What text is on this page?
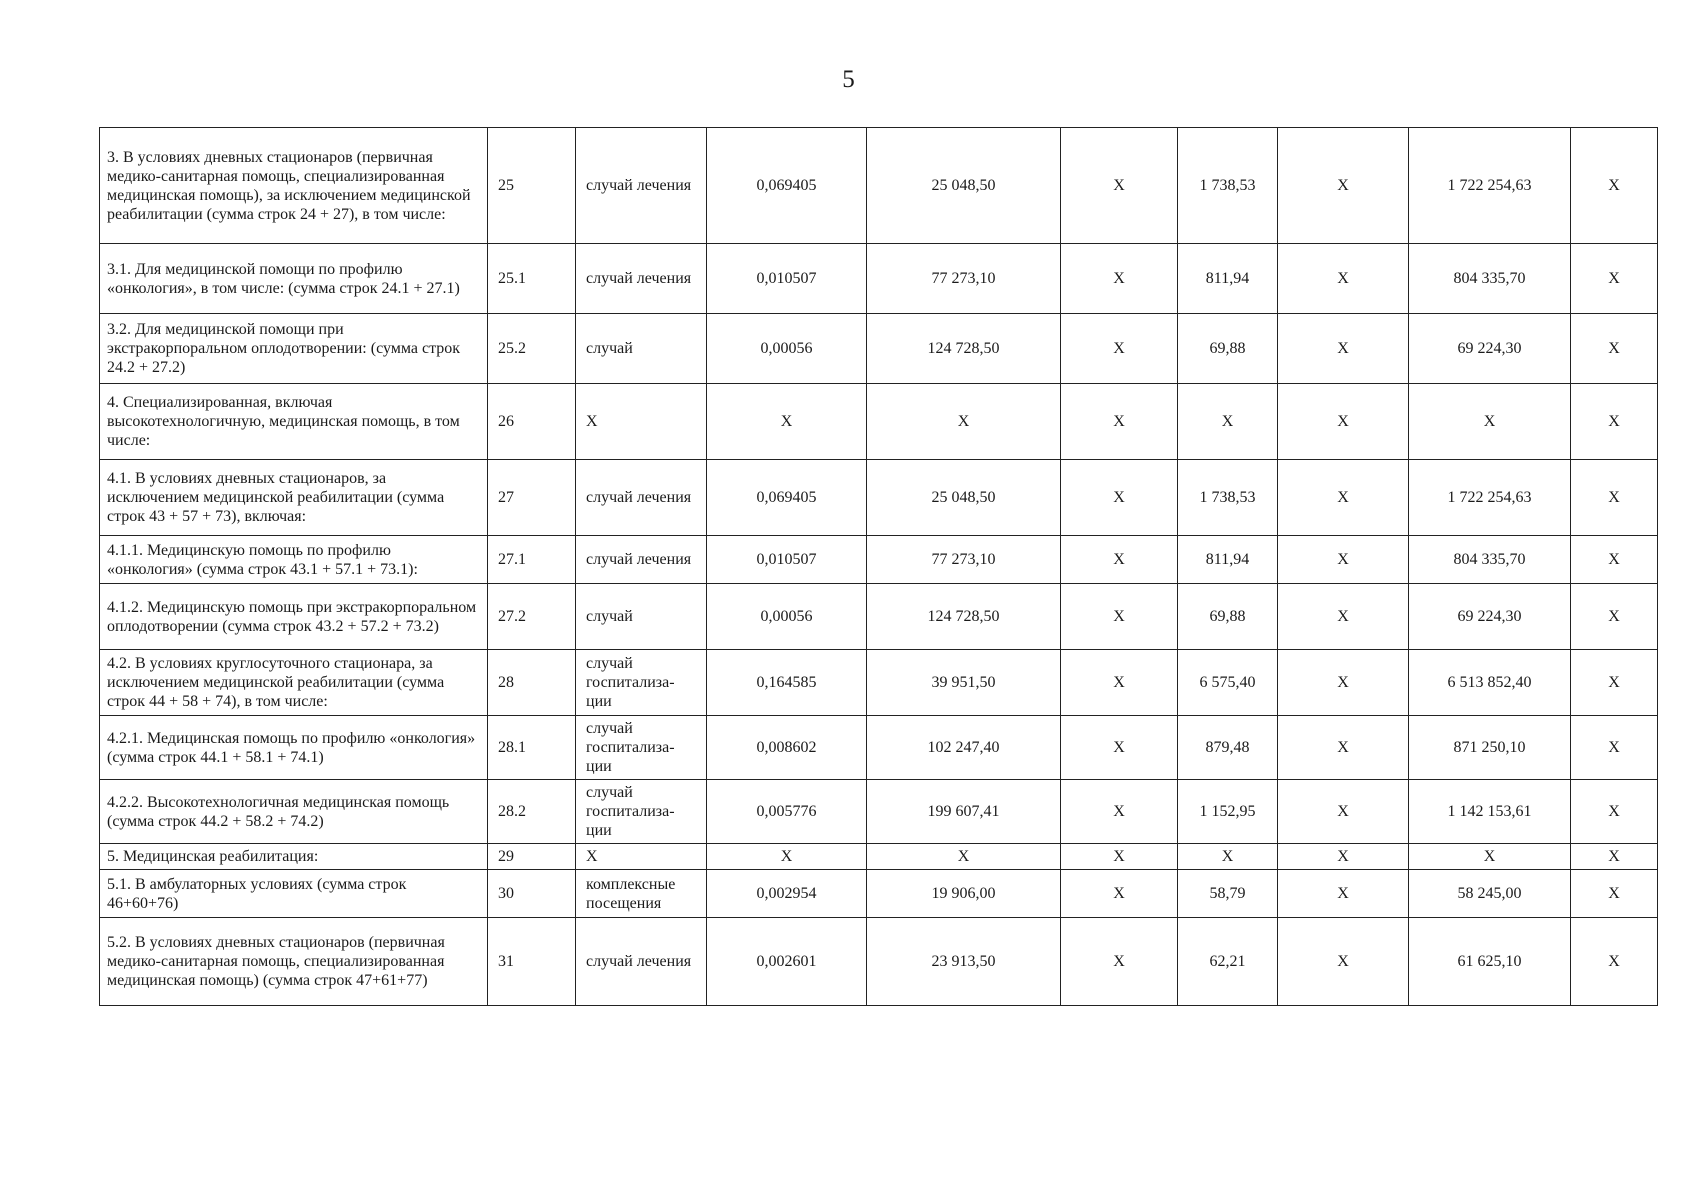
5
3. В условиях дневных стационаров (первичная медико-санитарная помощь, специализированная медицинская помощь), за исключением медицинской реабилитации (сумма строк 24 + 27), в том числе:	25	случай лечения	0,069405	25 048,50	X	1 738,53	X	1 722 254,63	X
3.1. Для медицинской помощи по профилю «онкология», в том числе: (сумма строк 24.1 + 27.1)	25.1	случай лечения	0,010507	77 273,10	X	811,94	X	804 335,70	X
3.2. Для медицинской помощи при экстракорпоральном оплодотворении: (сумма строк 24.2 + 27.2)	25.2	случай	0,00056	124 728,50	X	69,88	X	69 224,30	X
4. Специализированная, включая высокотехнологичную, медицинская помощь, в том числе:	26	X	X	X	X	X	X	X	X
4.1. В условиях дневных стационаров, за исключением медицинской реабилитации (сумма строк 43 + 57 + 73), включая:	27	случай лечения	0,069405	25 048,50	X	1 738,53	X	1 722 254,63	X
4.1.1. Медицинскую помощь по профилю «онкология» (сумма строк 43.1 + 57.1 + 73.1):	27.1	случай лечения	0,010507	77 273,10	X	811,94	X	804 335,70	X
4.1.2. Медицинскую помощь при экстракорпоральном оплодотворении (сумма строк 43.2 + 57.2 + 73.2)	27.2	случай	0,00056	124 728,50	X	69,88	X	69 224,30	X
4.2. В условиях круглосуточного стационара, за исключением медицинской реабилитации (сумма строк 44 + 58 + 74), в том числе:	28	случай госпитализа-ции	0,164585	39 951,50	X	6 575,40	X	6 513 852,40	X
4.2.1. Медицинская помощь по профилю «онкология» (сумма строк 44.1 + 58.1 + 74.1)	28.1	случай госпитализа-ции	0,008602	102 247,40	X	879,48	X	871 250,10	X
4.2.2. Высокотехнологичная медицинская помощь (сумма строк 44.2 + 58.2 + 74.2)	28.2	случай госпитализа-ции	0,005776	199 607,41	X	1 152,95	X	1 142 153,61	X
5. Медицинская реабилитация:	29	X	X	X	X	X	X	X	X
5.1. В амбулаторных условиях (сумма строк 46+60+76)	30	комплексные посещения	0,002954	19 906,00	X	58,79	X	58 245,00	X
5.2. В условиях дневных стационаров (первичная медико-санитарная помощь, специализированная медицинская помощь) (сумма строк 47+61+77)	31	случай лечения	0,002601	23 913,50	X	62,21	X	61 625,10	X
